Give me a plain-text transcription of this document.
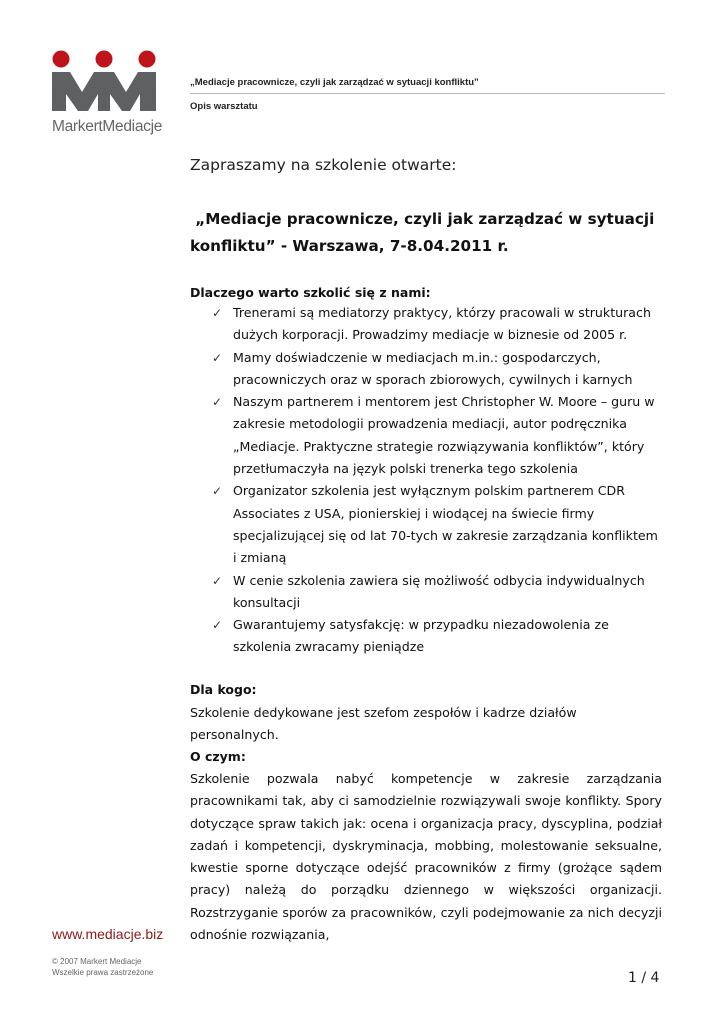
MarkertMediacje
„Mediacje pracownicze, czyli jak zarządzać w sytuacji konfliktu”
Opis warsztatu
Zapraszamy na szkolenie otwarte:
„Mediacje pracownicze, czyli jak zarządzać w sytuacji
konfliktu” - Warszawa, 7-8.04.2011 r.
Dlaczego warto szkolić się z nami:
✓ Trenerami są mediatorzy praktycy, którzy pracowali w strukturach dużych korporacji. Prowadzimy mediacje w biznesie od 2005 r.
✓ Mamy doświadczenie w mediacjach m.in.: gospodarczych, pracowniczych oraz w sporach zbiorowych, cywilnych i karnych
✓ Naszym partnerem i mentorem jest Christopher W. Moore – guru w zakresie metodologii prowadzenia mediacji, autor podręcznika „Mediacje. Praktyczne strategie rozwiązywania konfliktów”, który przetłumaczyła na język polski trenerka tego szkolenia
✓ Organizator szkolenia jest wyłącznym polskim partnerem CDR Associates z USA, pionierskiej i wiodącej na świecie firmy specjalizującej się od lat 70-tych w zakresie zarządzania konfliktem i zmianą
✓ W cenie szkolenia zawiera się możliwość odbycia indywidualnych konsultacji
✓ Gwarantujemy satysfakcję: w przypadku niezadowolenia ze szkolenia zwracamy pieniądze
Dla kogo:
Szkolenie dedykowane jest szefom zespołów i kadrze działów personalnych.
O czym:
Szkolenie pozwala nabyć kompetencje w zakresie zarządzania pracownikami tak, aby ci samodzielnie rozwiązywali swoje konflikty. Spory dotyczące spraw takich jak: ocena i organizacja pracy, dyscyplina, podział zadań i kompetencji, dyskryminacja, mobbing, molestowanie seksualne, kwestie sporne dotyczące odejść pracowników z firmy (grożące sądem pracy) należą do porządku dziennego w większości organizacji. Rozstrzyganie sporów za pracowników, czyli podejmowanie za nich decyzji odnośnie rozwiązania,
www.mediacje.biz
© 2007 Markert Mediacje
Wszelkie prawa zastrzeżone	1 / 4
